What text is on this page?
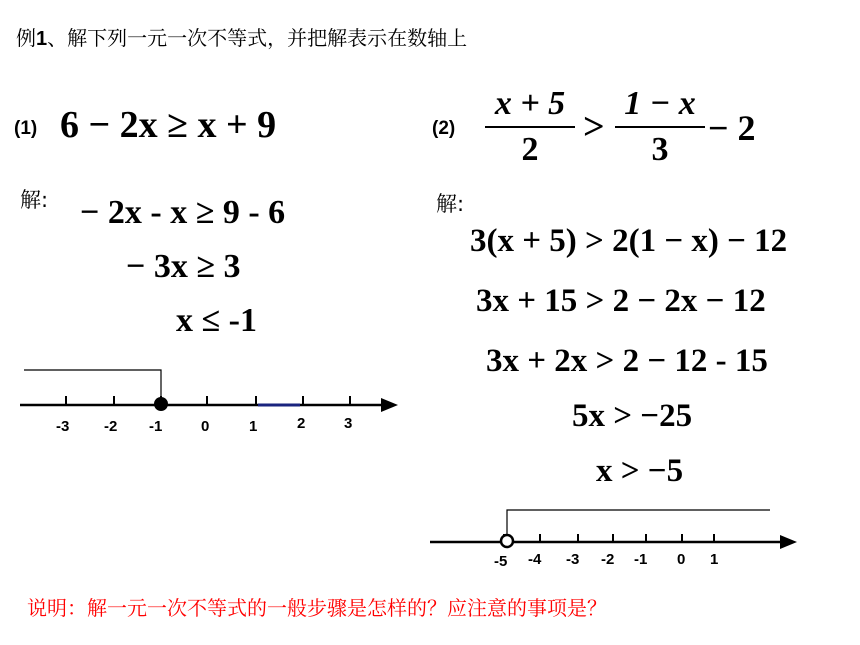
例1、解下列一元一次不等式，并把解表示在数轴上
(1) 6 − 2x ≥ x + 9
解: − 2x - x ≥ 9 - 6
− 3x ≥ 3
x ≤ -1
(2)
x + 5
2
>
1 − x
3
− 2
解:
3(x + 5) > 2(1 − x) − 12
3x + 15 > 2 − 2x − 12
3x + 2x > 2 − 12 - 15
5x > −25
x > −5
-3 -2 -1	0	1	2	3
-5 -4 -3 -2 -1 0 1
说明：解一元一次不等式的一般步骤是怎样的？应注意的事项是？
